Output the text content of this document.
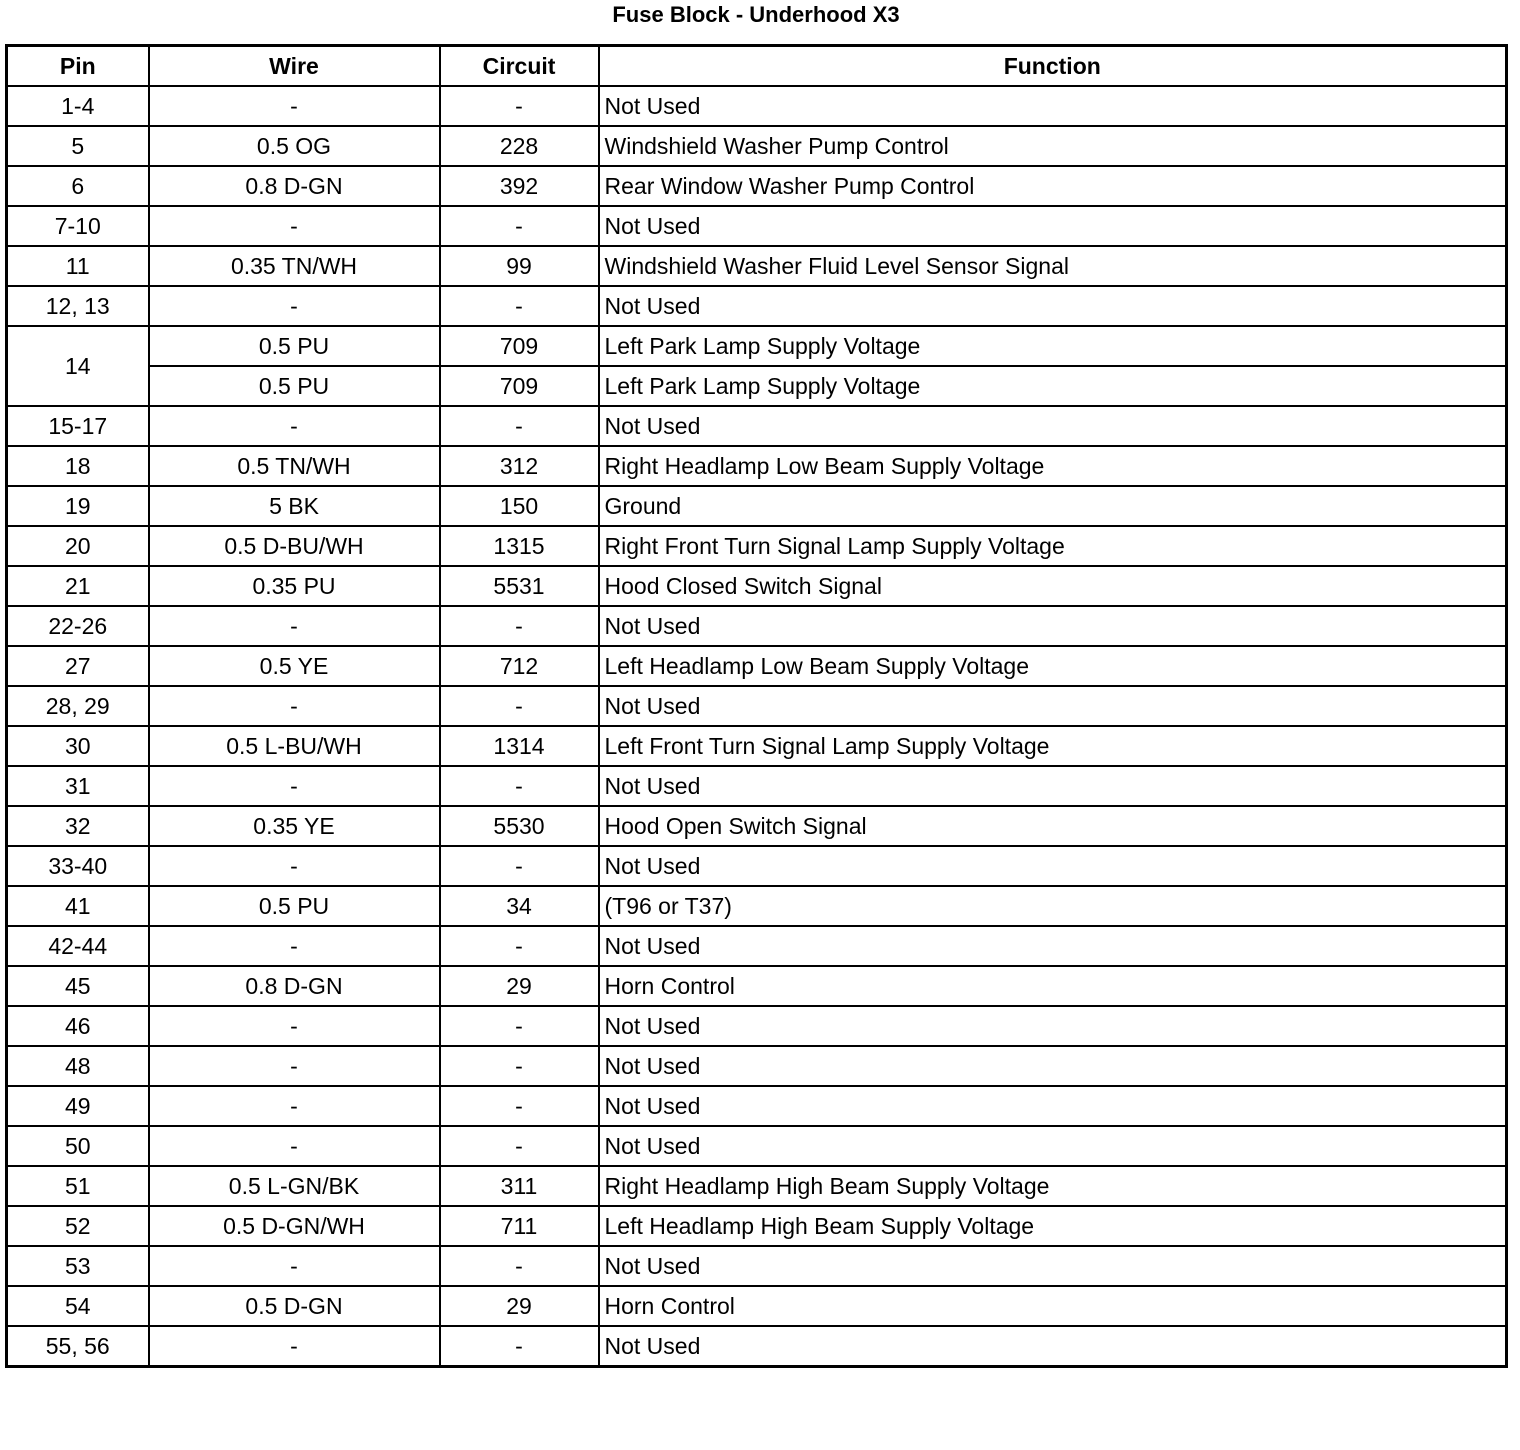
Fuse Block - Underhood X3
Pin	Wire	Circuit	Function
1-4	-	-	Not Used
5	0.5 OG	228	Windshield Washer Pump Control
6	0.8 D-GN	392	Rear Window Washer Pump Control
7-10	-	-	Not Used
11	0.35 TN/WH	99	Windshield Washer Fluid Level Sensor Signal
12, 13	-	-	Not Used
14	0.5 PU	709	Left Park Lamp Supply Voltage
	0.5 PU	709	Left Park Lamp Supply Voltage
15-17	-	-	Not Used
18	0.5 TN/WH	312	Right Headlamp Low Beam Supply Voltage
19	5 BK	150	Ground
20	0.5 D-BU/WH	1315	Right Front Turn Signal Lamp Supply Voltage
21	0.35 PU	5531	Hood Closed Switch Signal
22-26	-	-	Not Used
27	0.5 YE	712	Left Headlamp Low Beam Supply Voltage
28, 29	-	-	Not Used
30	0.5 L-BU/WH	1314	Left Front Turn Signal Lamp Supply Voltage
31	-	-	Not Used
32	0.35 YE	5530	Hood Open Switch Signal
33-40	-	-	Not Used
41	0.5 PU	34	(T96 or T37)
42-44	-	-	Not Used
45	0.8 D-GN	29	Horn Control
46	-	-	Not Used
48	-	-	Not Used
49	-	-	Not Used
50	-	-	Not Used
51	0.5 L-GN/BK	311	Right Headlamp High Beam Supply Voltage
52	0.5 D-GN/WH	711	Left Headlamp High Beam Supply Voltage
53	-	-	Not Used
54	0.5 D-GN	29	Horn Control
55, 56	-	-	Not Used
